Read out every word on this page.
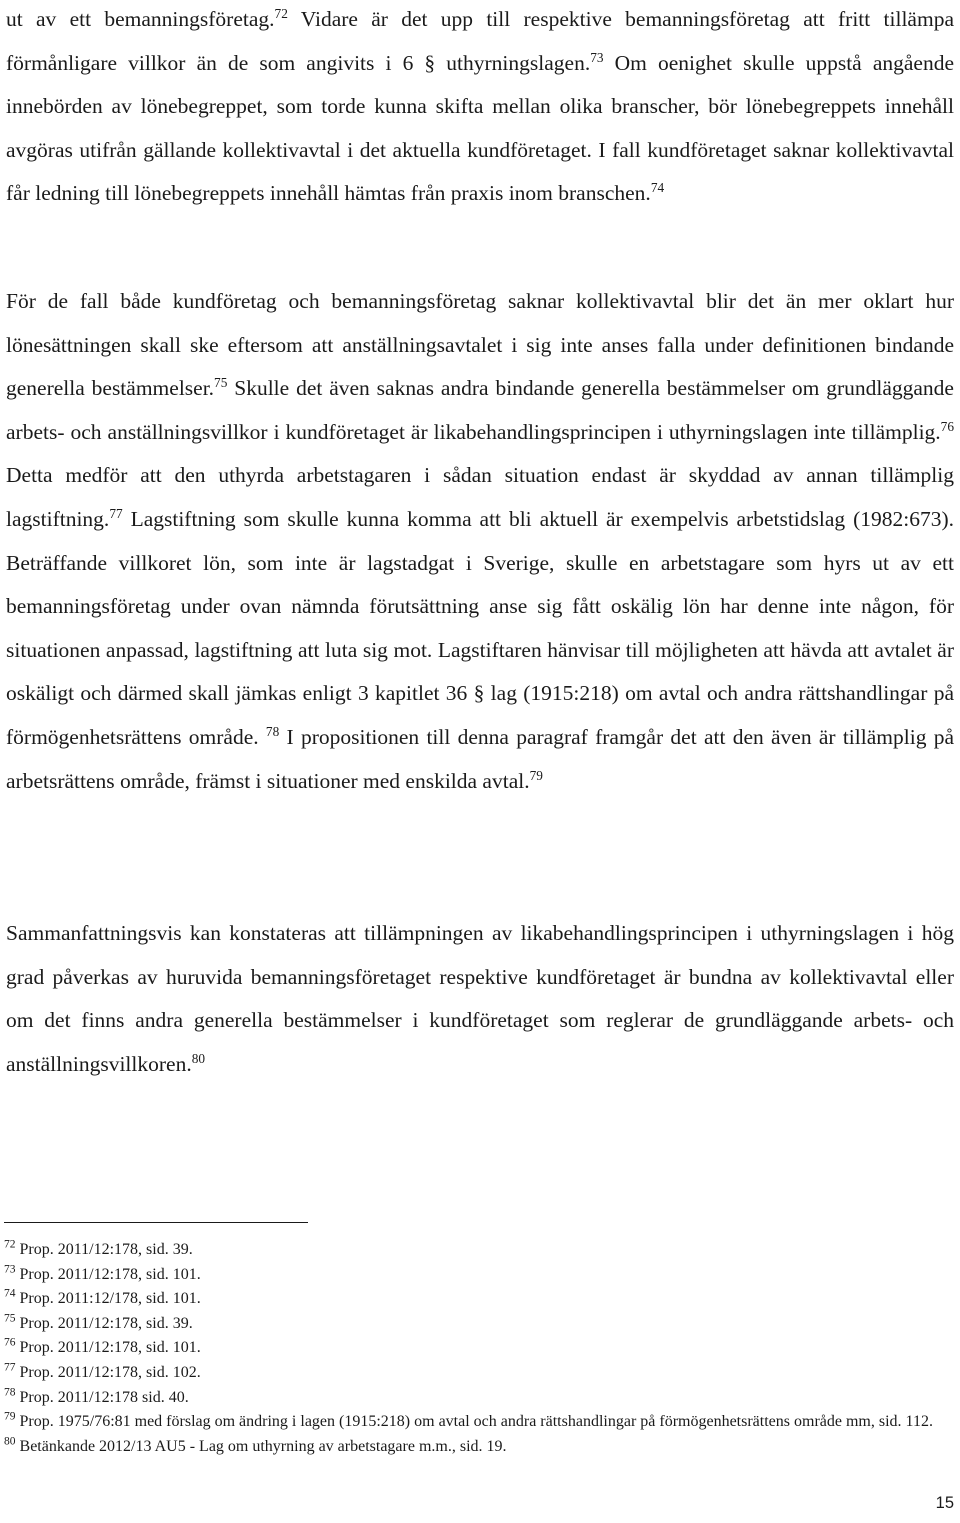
ut av ett bemanningsföretag.$^{72}$ Vidare är det upp till respektive bemanningsföretag att fritt tillämpa förmånligare villkor än de som angivits i 6 § uthyrningslagen.$^{73}$ Om oenighet skulle uppstå angående innebörden av lönebegreppet, som torde kunna skifta mellan olika branscher, bör lönebegreppets innehåll avgöras utifrån gällande kollektivavtal i det aktuella kundföretaget. I fall kundföretaget saknar kollektivavtal får ledning till lönebegreppets innehåll hämtas från praxis inom branschen.$^{74}$

För de fall både kundföretag och bemanningsföretag saknar kollektivavtal blir det än mer oklart hur lönesättningen skall ske eftersom att anställningsavtalet i sig inte anses falla under definitionen bindande generella bestämmelser.$^{75}$ Skulle det även saknas andra bindande generella bestämmelser om grundläggande arbets- och anställningsvillkor i kundföretaget är likabehandlingsprincipen i uthyrningslagen inte tillämplig.$^{76}$ Detta medför att den uthyrda arbetstagaren i sådan situation endast är skyddad av annan tillämplig lagstiftning.$^{77}$ Lagstiftning som skulle kunna komma att bli aktuell är exempelvis arbetstidslag (1982:673). Beträffande villkoret lön, som inte är lagstadgat i Sverige, skulle en arbetstagare som hyrs ut av ett bemanningsföretag under ovan nämnda förutsättning anse sig fått oskälig lön har denne inte någon, för situationen anpassad, lagstiftning att luta sig mot. Lagstiftaren hänvisar till möjligheten att hävda att avtalet är oskäligt och därmed skall jämkas enligt 3 kapitlet 36 § lag (1915:218) om avtal och andra rättshandlingar på förmögenhetsrättens område. $^{78}$ I propositionen till denna paragraf framgår det att den även är tillämplig på arbetsrättens område, främst i situationer med enskilda avtal.$^{79}$

Sammanfattningsvis kan konstateras att tillämpningen av likabehandlingsprincipen i uthyrningslagen i hög grad påverkas av huruvida bemanningsföretaget respektive kundföretaget är bundna av kollektivavtal eller om det finns andra generella bestämmelser i kundföretaget som reglerar de grundläggande arbets- och anställningsvillkoren.$^{80}$

$^{72}$ Prop. 2011/12:178, sid. 39.

$^{73}$ Prop. 2011/12:178, sid. 101.

$^{74}$ Prop. 2011:12/178, sid. 101.

$^{75}$ Prop. 2011/12:178, sid. 39.

$^{76}$ Prop. 2011/12:178, sid. 101.

$^{77}$ Prop. 2011/12:178, sid. 102.

$^{78}$ Prop. 2011/12:178 sid. 40.

$^{79}$ Prop. 1975/76:81 med förslag om ändring i lagen (1915:218) om avtal och andra rättshandlingar på förmögenhetsrättens område mm, sid. 112.

$^{80}$ Betänkande 2012/13 AU5 - Lag om uthyrning av arbetstagare m.m., sid. 19.

15
